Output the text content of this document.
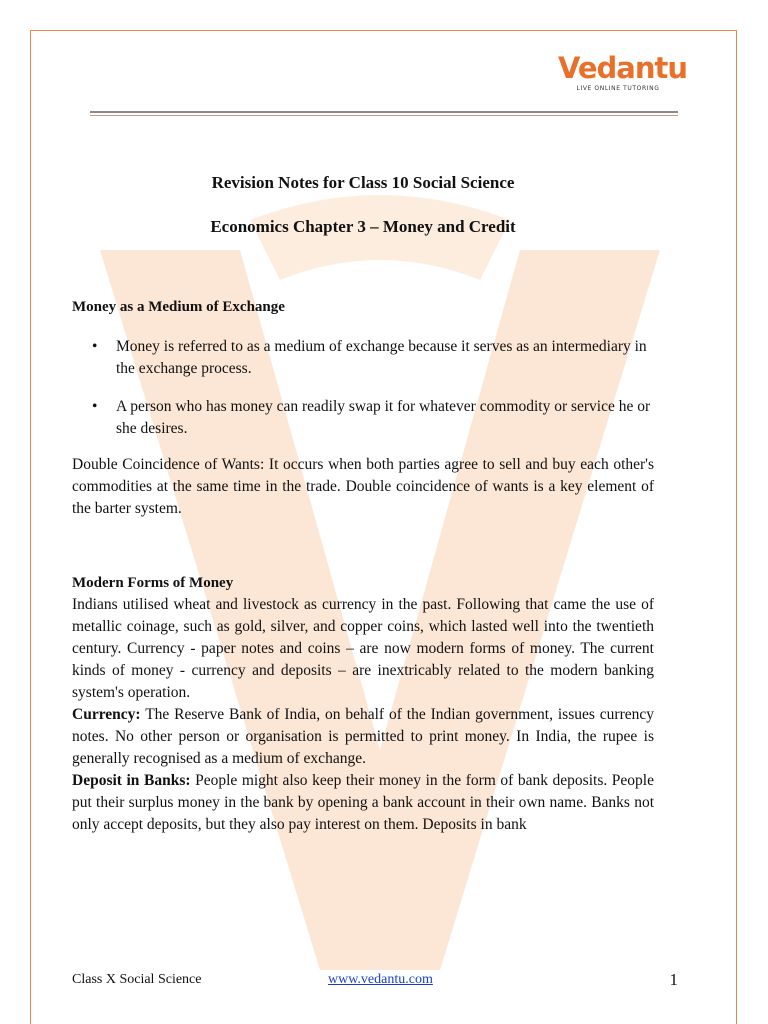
Vedantu
LIVE ONLINE TUTORING

Revision Notes for Class 10 Social Science

Economics Chapter 3 – Money and Credit

Money as a Medium of Exchange

• Money is referred to as a medium of exchange because it serves as an intermediary in the exchange process.
• A person who has money can readily swap it for whatever commodity or service he or she desires.

Double Coincidence of Wants: It occurs when both parties agree to sell and buy each other's commodities at the same time in the trade. Double coincidence of wants is a key element of the barter system.

Modern Forms of Money

Indians utilised wheat and livestock as currency in the past. Following that came the use of metallic coinage, such as gold, silver, and copper coins, which lasted well into the twentieth century. Currency - paper notes and coins – are now modern forms of money. The current kinds of money - currency and deposits – are inextricably related to the modern banking system's operation.

Currency: The Reserve Bank of India, on behalf of the Indian government, issues currency notes. No other person or organisation is permitted to print money. In India, the rupee is generally recognised as a medium of exchange.

Deposit in Banks: People might also keep their money in the form of bank deposits. People put their surplus money in the bank by opening a bank account in their own name. Banks not only accept deposits, but they also pay interest on them. Deposits in bank

Class X Social Science	www.vedantu.com	1
